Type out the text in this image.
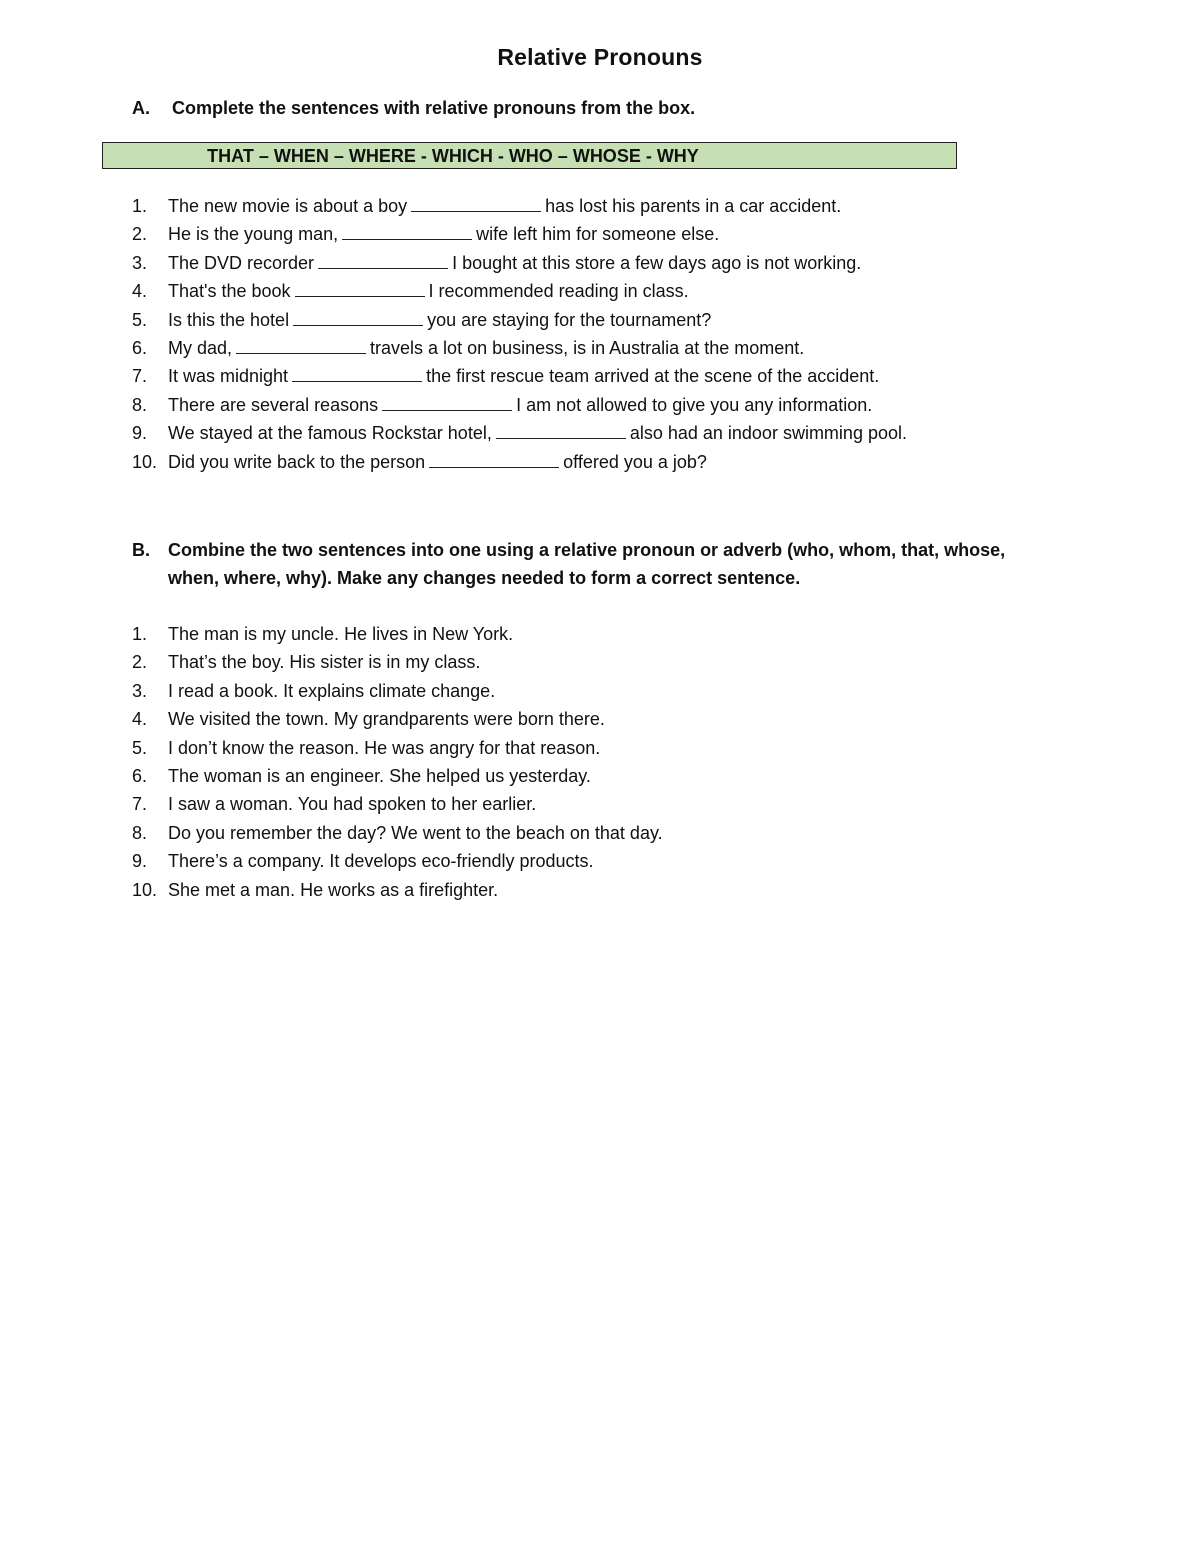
Relative Pronouns
A. Complete the sentences with relative pronouns from the box.
THAT – WHEN – WHERE - WHICH - WHO – WHOSE - WHY
1.	The new movie is about a boy	has lost his parents in a car accident.
2.	He is the young man,	wife left him for someone else.
3.	The DVD recorder	I bought at this store a few days ago is not working.
4.	That's the book	I recommended reading in class.
5.	Is this the hotel	you are staying for the tournament?
6.	My dad,	travels a lot on business, is in Australia at the moment.
7.	It was midnight	the first rescue team arrived at the scene of the accident.
8.	There are several reasons	I am not allowed to give you any information.
9.	We stayed at the famous Rockstar hotel,	also had an indoor swimming pool.
10. Did you write back to the person	offered you a job?
B. Combine the two sentences into one using a relative pronoun or adverb (who, whom, that, whose, when, where, why). Make any changes needed to form a correct sentence.
1.	The man is my uncle. He lives in New York.
2.	That’s the boy. His sister is in my class.
3.	I read a book. It explains climate change.
4.	We visited the town. My grandparents were born there.
5.	I don’t know the reason. He was angry for that reason.
6.	The woman is an engineer. She helped us yesterday.
7.	I saw a woman. You had spoken to her earlier.
8.	Do you remember the day? We went to the beach on that day.
9.	There’s a company. It develops eco-friendly products.
10. She met a man. He works as a firefighter.
